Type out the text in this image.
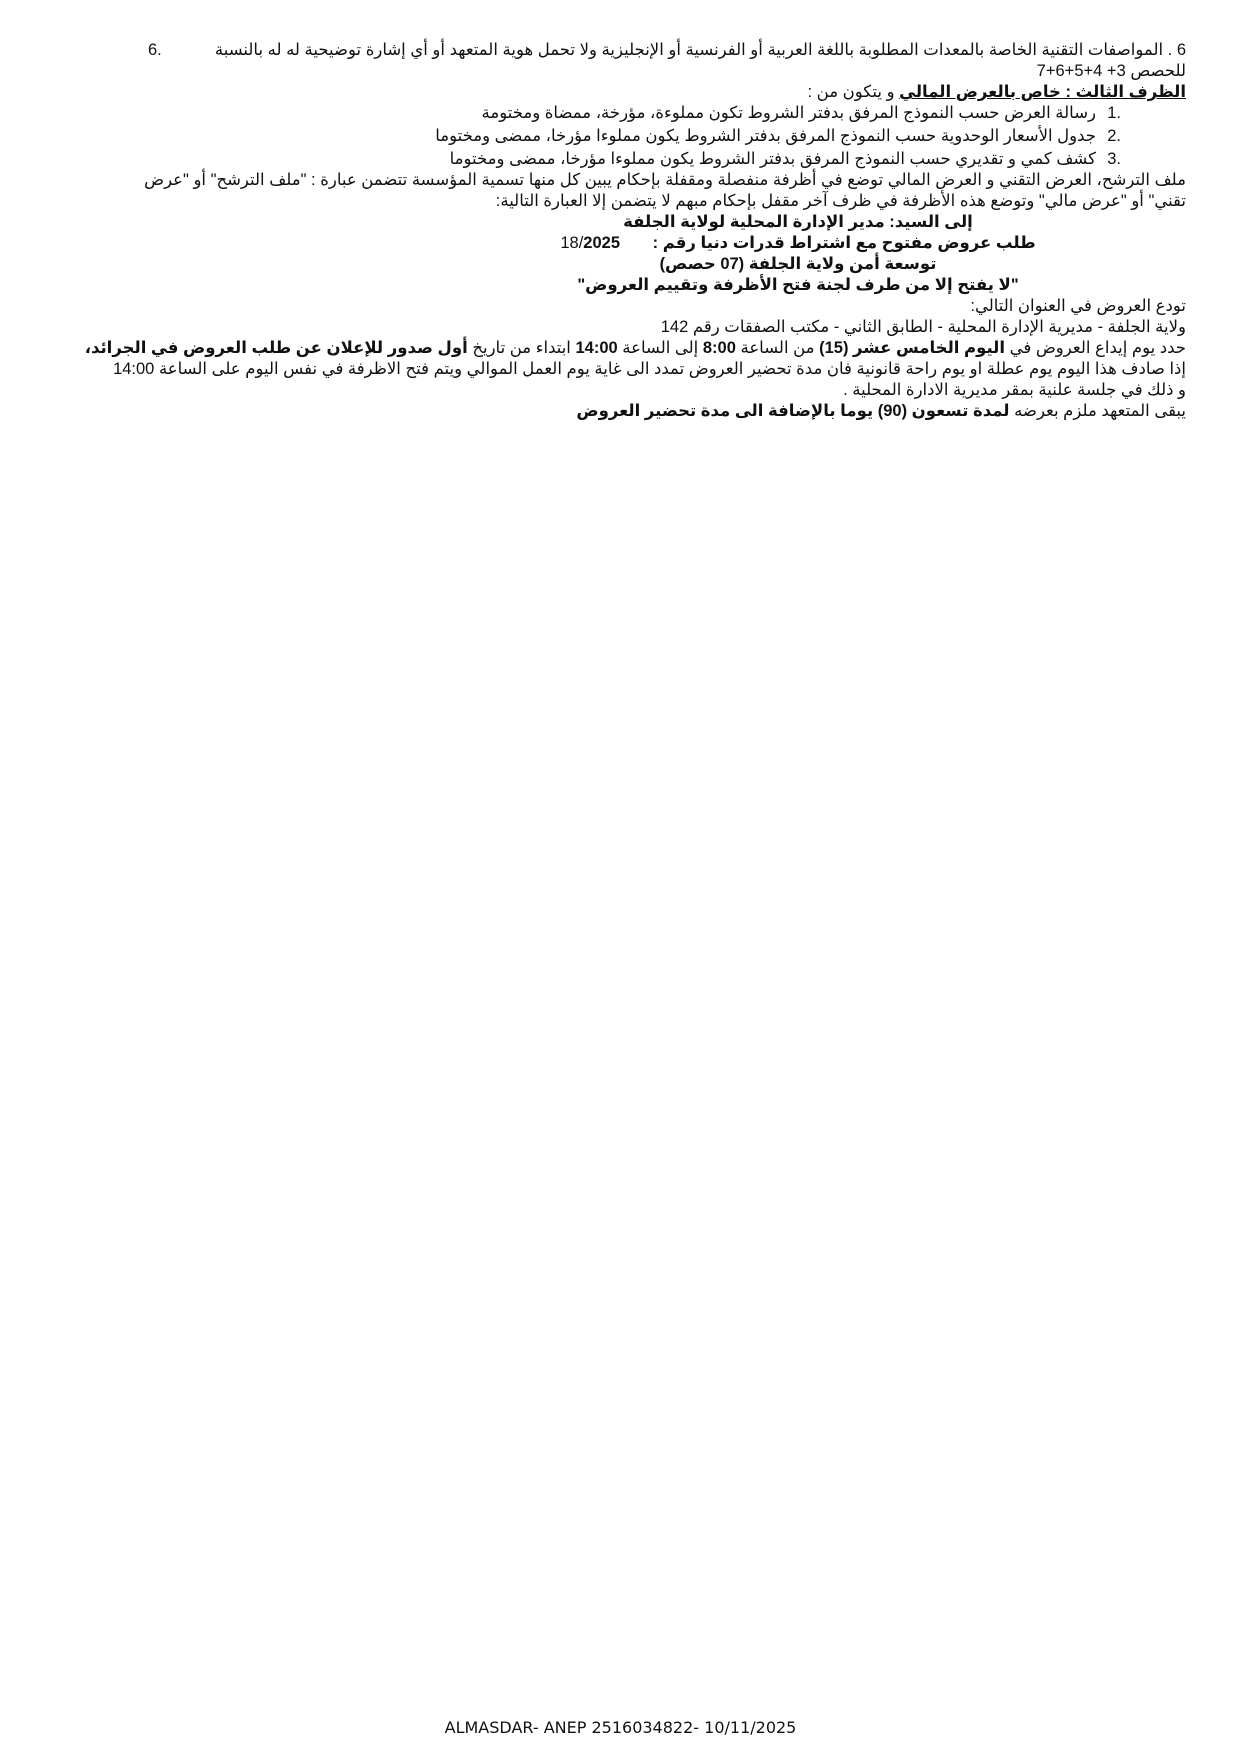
6 . المواصفات التقنية الخاصة بالمعدات المطلوبة باللغة العربية أو الفرنسية أو الإنجليزية ولا تحمل هوية المتعهد أو أي إشارة توضيحية له له بالنسبة
6.
للحصص 3+ 4+5+6+7
الظرف الثالث : خاص بالعرض المالي و يتكون من :
1.
رسالة العرض حسب النموذج المرفق بدفتر الشروط تكون مملوءة، مؤرخة، ممضاة ومختومة
2.
جدول الأسعار الوحدوية حسب النموذج المرفق بدفتر الشروط يكون مملوءا مؤرخا، ممضى ومختوما
3.
كشف كمي و تقديري حسب النموذج المرفق بدفتر الشروط يكون مملوءا مؤرخا، ممضى ومختوما
ملف الترشح، العرض التقني و العرض المالي توضع في أظرفة منفصلة ومقفلة بإحكام يبين كل منها تسمية المؤسسة تتضمن عبارة : "ملف الترشح" أو "عرض
تقني" أو "عرض مالي" وتوضع هذه الأظرفة في ظرف آخر مقفل بإحكام مبهم لا يتضمن إلا العبارة التالية:
إلى السيد: مدير الإدارة المحلية لولاية الجلفة
طلب عروض مفتوح مع اشتراط قدرات دنيا رقم : 18/2025
توسعة أمن ولاية الجلفة (07 حصص)
"لا يفتح إلا من طرف لجنة فتح الأظرفة وتقييم العروض"
تودع العروض في العنوان التالي:
ولاية الجلفة - مديرية الإدارة المحلية - الطابق الثاني - مكتب الصفقات رقم 142
حدد يوم إيداع العروض في اليوم الخامس عشر (15) من الساعة 8:00 إلى الساعة 14:00 ابتداء من تاريخ أول صدور للإعلان عن طلب العروض في الجرائد،
إذا صادف هذا اليوم يوم عطلة او يوم راحة قانونية فان مدة تحضير العروض تمدد الى غاية يوم العمل الموالي ويتم فتح الاظرفة في نفس اليوم على الساعة 14:00
و ذلك في جلسة علنية بمقر مديرية الادارة المحلية .
يبقى المتعهد ملزم بعرضه لمدة تسعون (90) يوما بالإضافة الى مدة تحضير العروض
ALMASDAR- ANEP 2516034822- 10/11/2025
